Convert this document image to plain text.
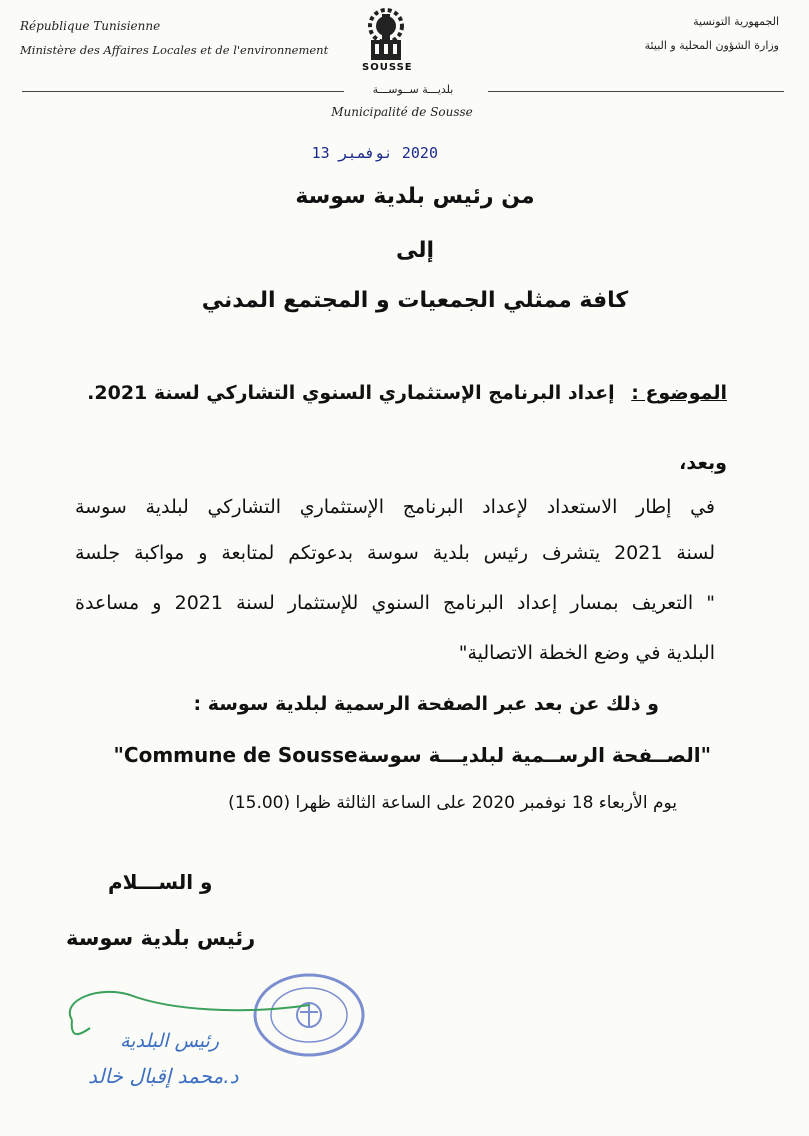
République Tunisienne
Ministère des Affaires Locales et de l'environnement
الجمهورية التونسية
وزارة الشؤون المحلية و البيئة
SOUSSE
بلديـــة ســوســـة
Municipalité de Sousse
2020 نوفمبر 13
من رئيس بلدية سوسة
إلى
كافة ممثلي الجمعيات و المجتمع المدني
الموضوع : إعداد البرنامج الإستثماري السنوي التشاركي لسنة 2021.
وبعد،
في إطار الاستعداد لإعداد البرنامج الإستثماري التشاركي لبلدية سوسة
لسنة 2021 يتشرف رئيس بلدية سوسة بدعوتكم لمتابعة و مواكبة جلسة
" التعريف بمسار إعداد البرنامج السنوي للإستثمار لسنة 2021 و مساعدة
البلدية في وضع الخطة الاتصالية"
و ذلك عن بعد عبر الصفحة الرسمية لبلدية سوسة :
"الصــفحة الرســمية لبلديـــة سوسةCommune de Sousse"
يوم الأربعاء 18 نوفمبر 2020 على الساعة الثالثة ظهرا (15.00)
و الســـلام
رئيس بلدية سوسة
رئيس البلدية
د.محمد إقبال خالد
